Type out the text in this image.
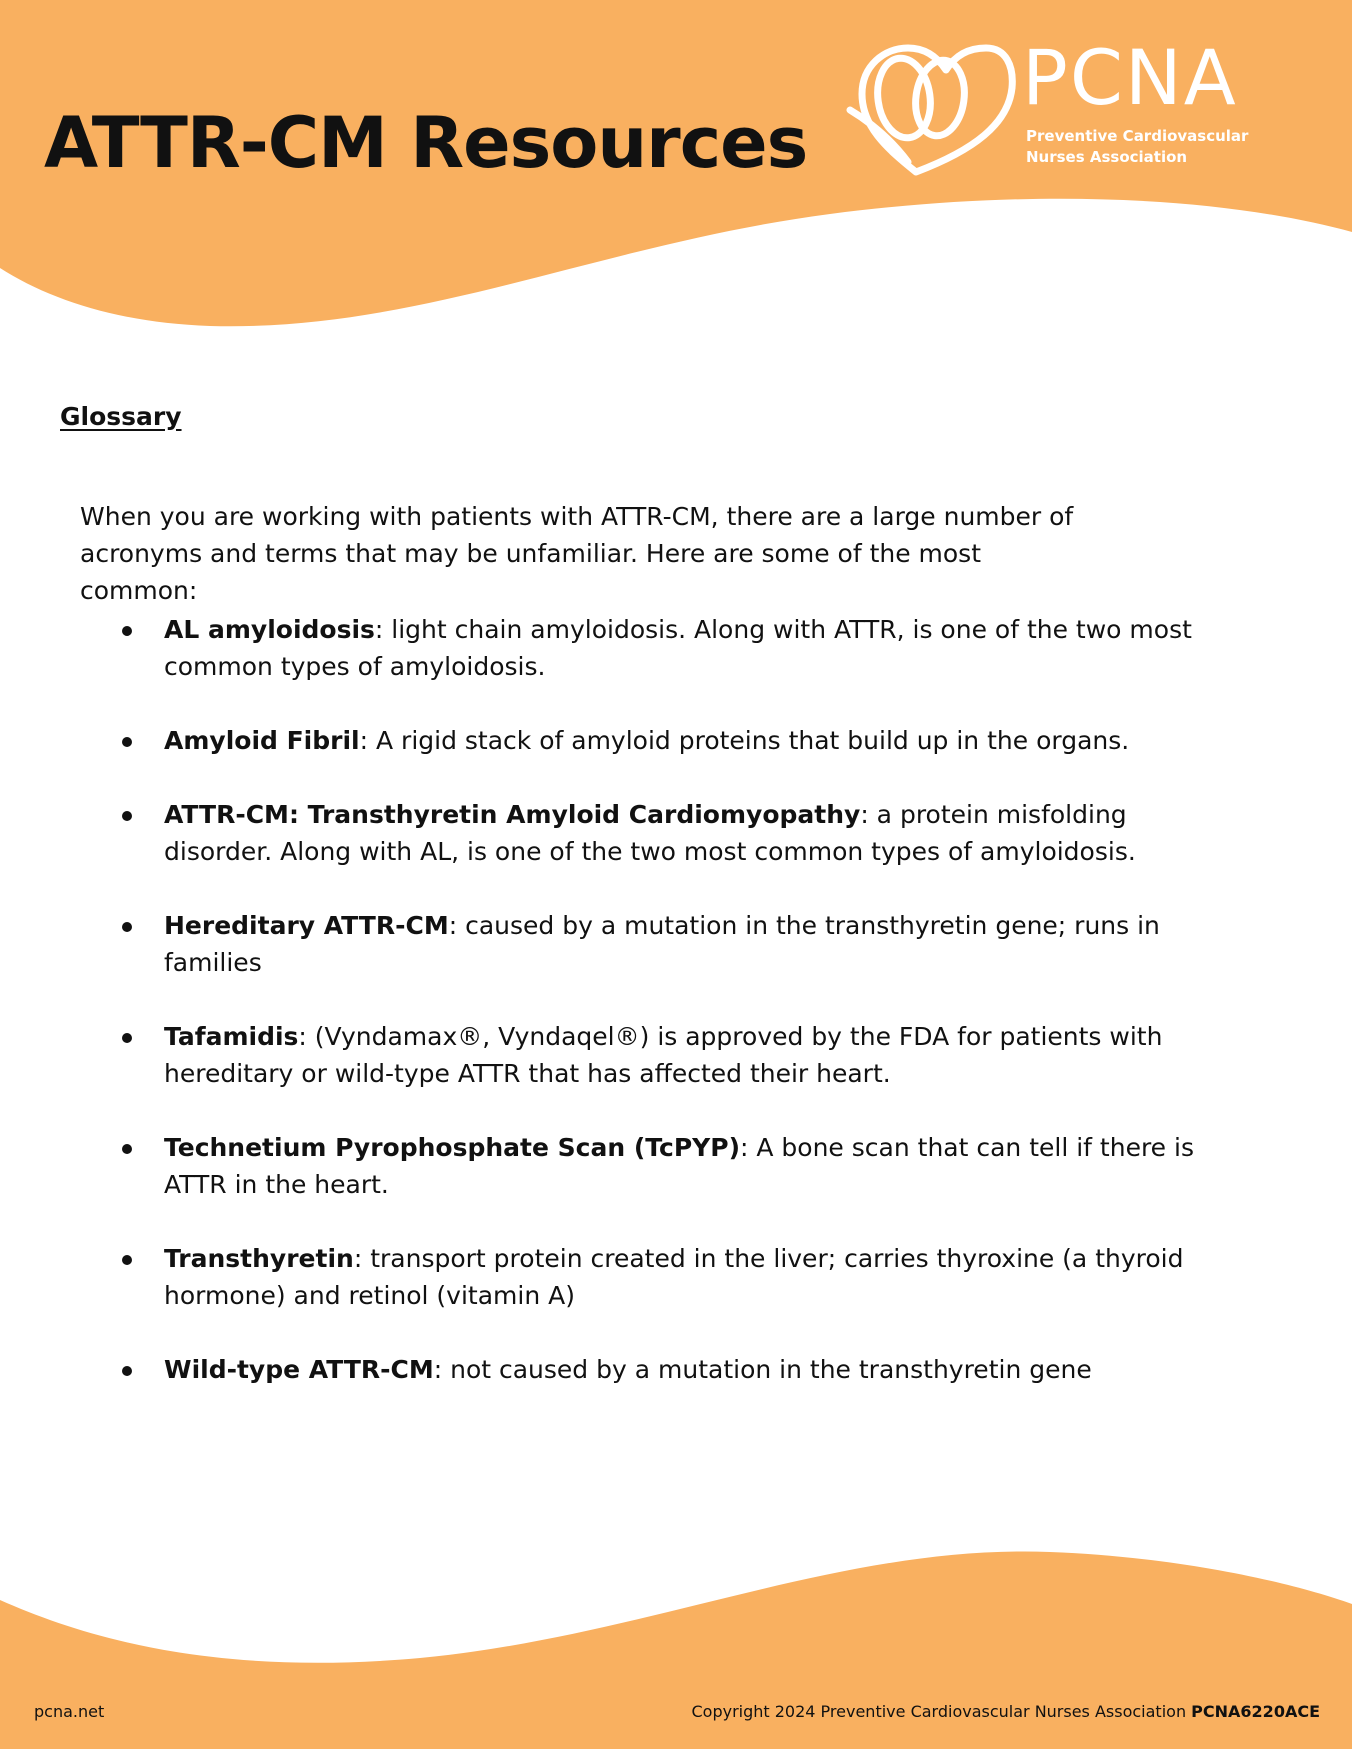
ATTR-CM Resources
PCNA
Preventive Cardiovascular
Nurses Association
Glossary

When you are working with patients with ATTR-CM, there are a large number of acronyms and terms that may be unfamiliar. Here are some of the most common:

AL amyloidosis: light chain amyloidosis. Along with ATTR, is one of the two most common types of amyloidosis.
Amyloid Fibril: A rigid stack of amyloid proteins that build up in the organs.
ATTR-CM: Transthyretin Amyloid Cardiomyopathy: a protein misfolding disorder. Along with AL, is one of the two most common types of amyloidosis.
Hereditary ATTR-CM: caused by a mutation in the transthyretin gene; runs in families
Tafamidis: (Vyndamax®, Vyndaqel®) is approved by the FDA for patients with hereditary or wild-type ATTR that has affected their heart.
Technetium Pyrophosphate Scan (TcPYP): A bone scan that can tell if there is ATTR in the heart.
Transthyretin: transport protein created in the liver; carries thyroxine (a thyroid hormone) and retinol (vitamin A)
Wild-type ATTR-CM: not caused by a mutation in the transthyretin gene
pcna.net	Copyright 2024 Preventive Cardiovascular Nurses Association PCNA6220ACE
